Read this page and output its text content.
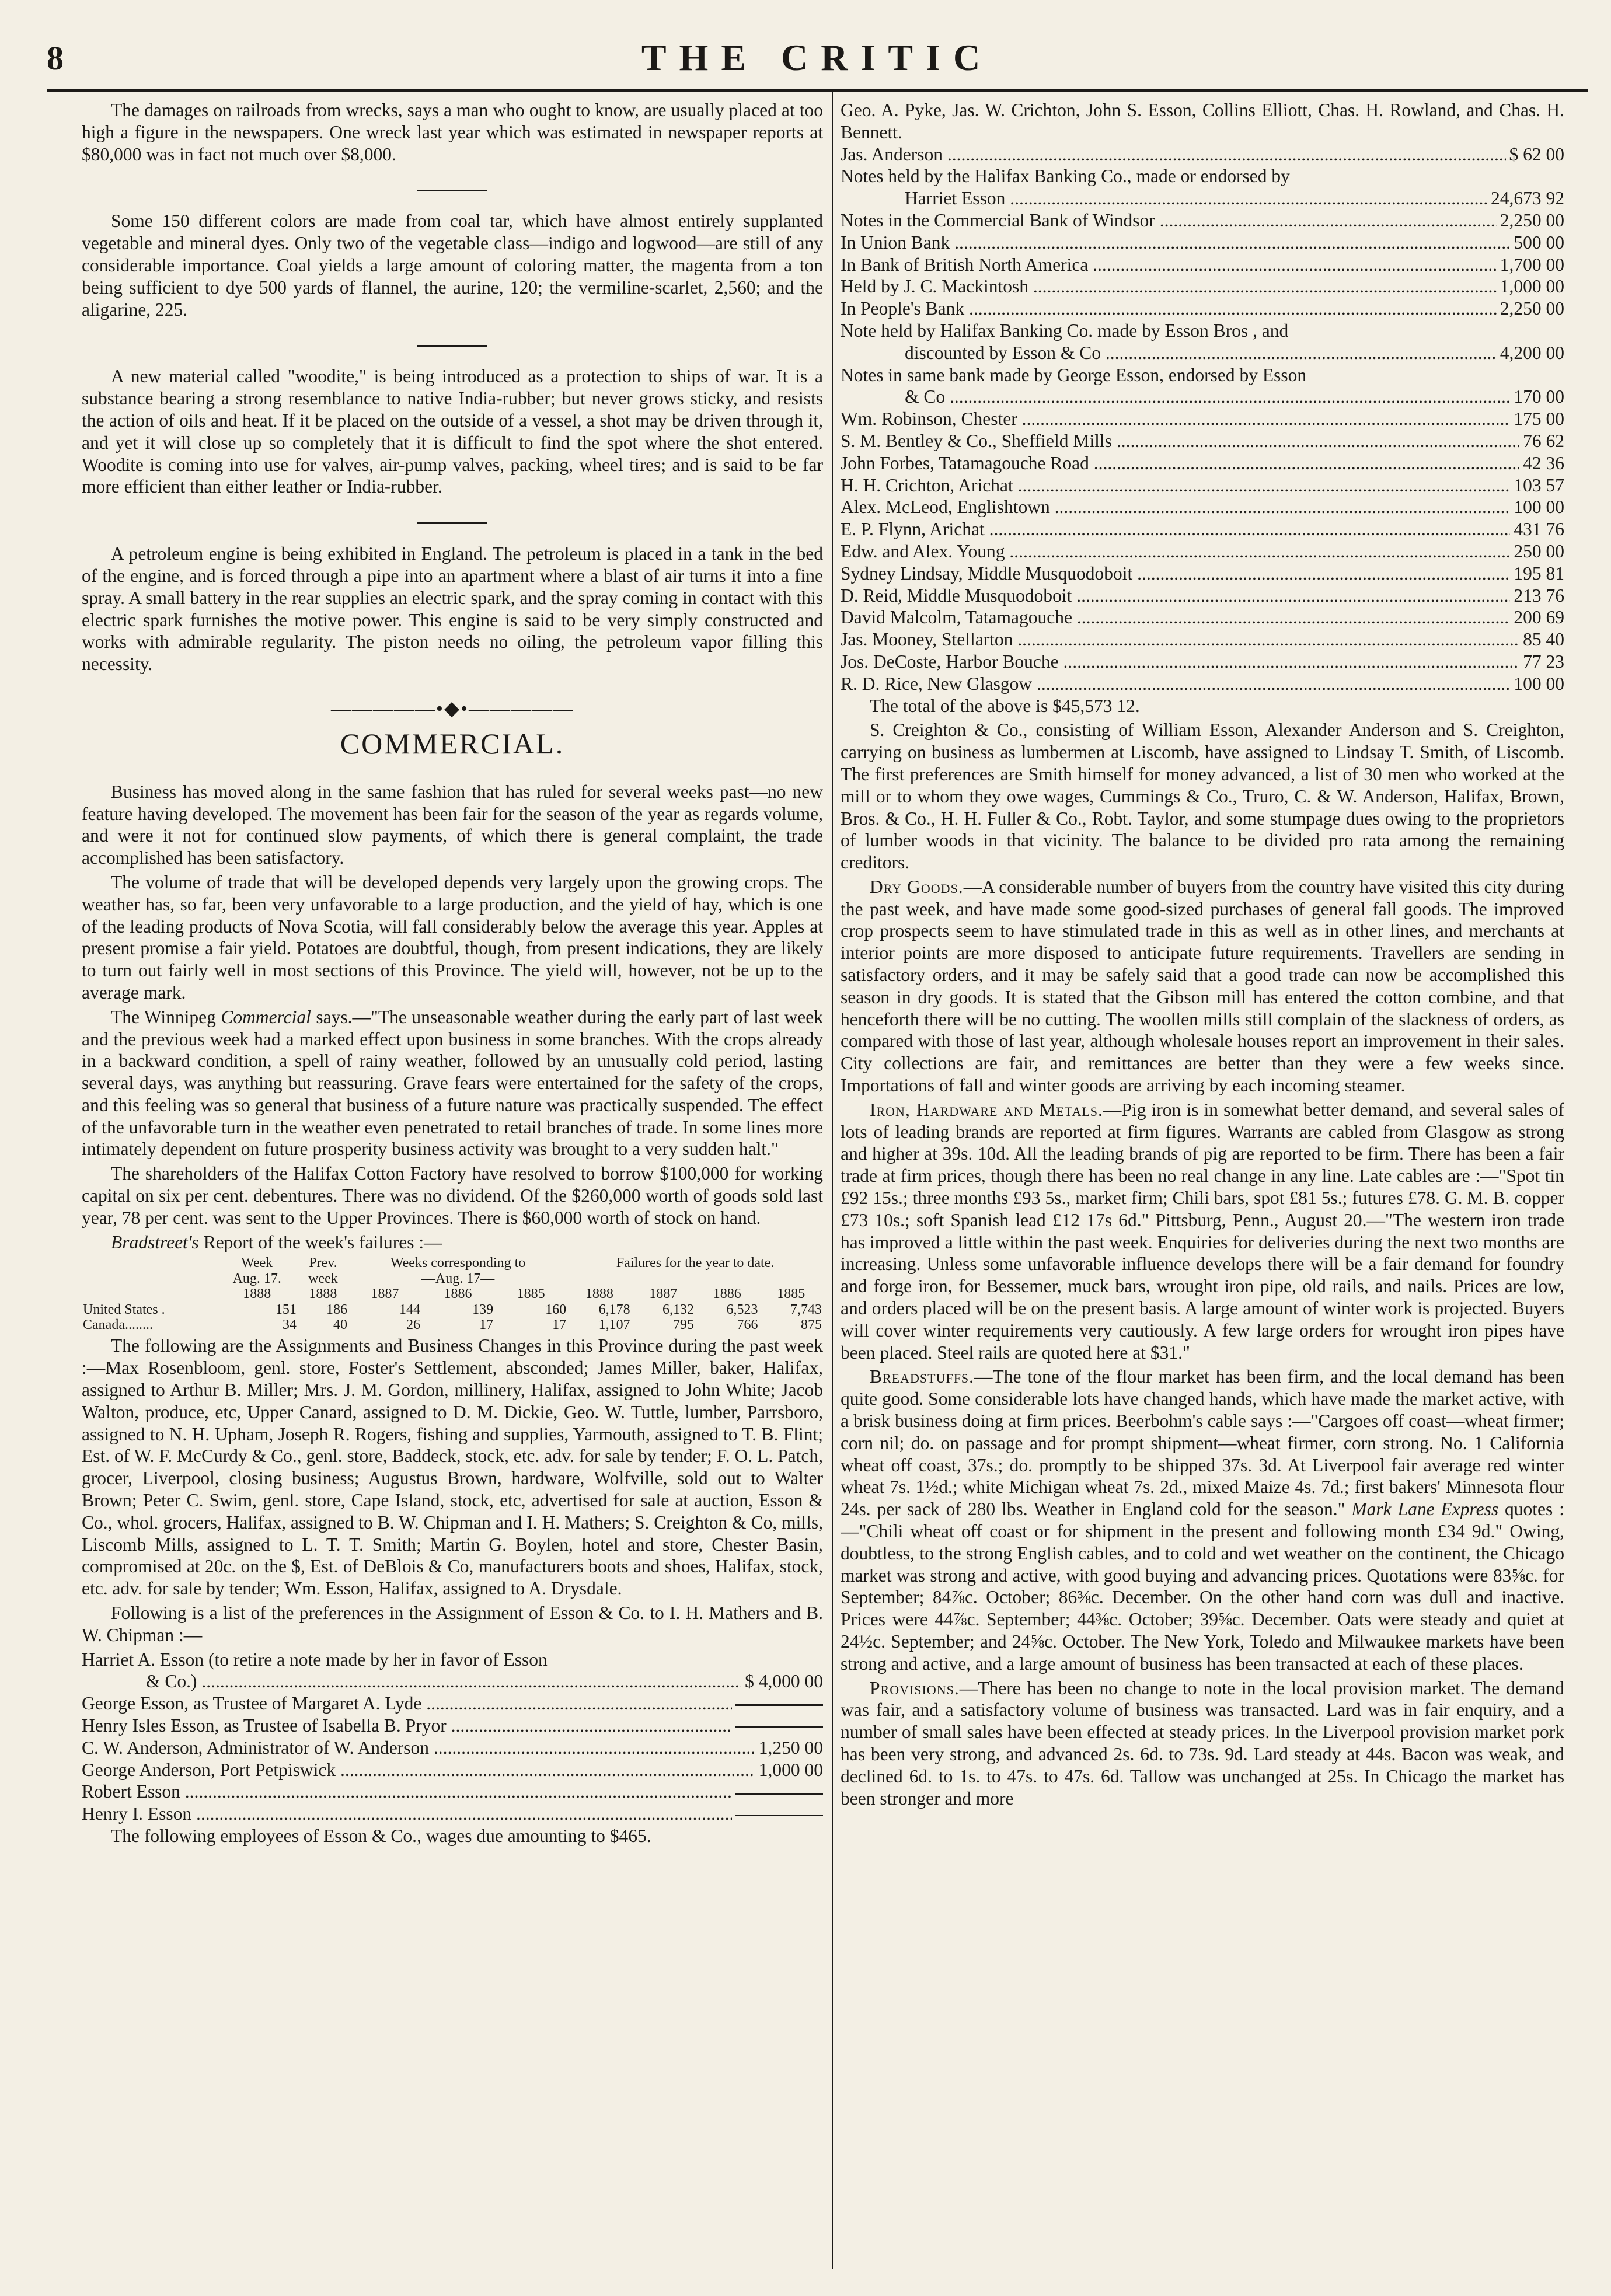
8	THE CRITIC

The damages on railroads from wrecks, says a man who ought to know, are usually placed at too high a figure in the newspapers. One wreck last year which was estimated in newspaper reports at $80,000 was in fact not much over $8,000.

Some 150 different colors are made from coal tar, which have almost entirely supplanted vegetable and mineral dyes. Only two of the vegetable class—indigo and logwood—are still of any considerable importance. Coal yields a large amount of coloring matter, the magenta from a ton being sufficient to dye 500 yards of flannel, the aurine, 120; the vermiline-scarlet, 2,560; and the aligarine, 225.

A new material called "woodite," is being introduced as a protection to ships of war. It is a substance bearing a strong resemblance to native India-rubber; but never grows sticky, and resists the action of oils and heat. If it be placed on the outside of a vessel, a shot may be driven through it, and yet it will close up so completely that it is difficult to find the spot where the shot entered. Woodite is coming into use for valves, air-pump valves, packing, wheel tires; and is said to be far more efficient than either leather or India-rubber.

A petroleum engine is being exhibited in England. The petroleum is placed in a tank in the bed of the engine, and is forced through a pipe into an apartment where a blast of air turns it into a fine spray. A small battery in the rear supplies an electric spark, and the spray coming in contact with this electric spark furnishes the motive power. This engine is said to be very simply constructed and works with admirable regularity. The piston needs no oiling, the petroleum vapor filling this necessity.

—————•◆•—————
COMMERCIAL.

Business has moved along in the same fashion that has ruled for several weeks past—no new feature having developed. The movement has been fair for the season of the year as regards volume, and were it not for continued slow payments, of which there is general complaint, the trade accomplished has been satisfactory.

The volume of trade that will be developed depends very largely upon the growing crops. The weather has, so far, been very unfavorable to a large production, and the yield of hay, which is one of the leading products of Nova Scotia, will fall considerably below the average this year. Apples at present promise a fair yield. Potatoes are doubtful, though, from present indications, they are likely to turn out fairly well in most sections of this Province. The yield will, however, not be up to the average mark.

The Winnipeg Commercial says.—"The unseasonable weather during the early part of last week and the previous week had a marked effect upon business in some branches. With the crops already in a backward condition, a spell of rainy weather, followed by an unusually cold period, lasting several days, was anything but reassuring. Grave fears were entertained for the safety of the crops, and this feeling was so general that business of a future nature was practically suspended. The effect of the unfavorable turn in the weather even penetrated to retail branches of trade. In some lines more intimately dependent on future prosperity business activity was brought to a very sudden halt."

The shareholders of the Halifax Cotton Factory have resolved to borrow $100,000 for working capital on six per cent. debentures. There was no dividend. Of the $260,000 worth of goods sold last year, 78 per cent. was sent to the Upper Provinces. There is $60,000 worth of stock on hand.

Bradstreet's Report of the week's failures :—

	Week	Prev.	Weeks corresponding to			Failures for the year to date.			
	Aug. 17.	week	—Aug. 17—						
	1888	1888	1887	1886	1885	1888	1887	1886	1885
United States .	151	186	144	139	160	6,178	6,132	6,523	7,743
Canada........	34	40	26	17	17	1,107	795	766	875

The following are the Assignments and Business Changes in this Province during the past week :—Max Rosenbloom, genl. store, Foster's Settlement, absconded; James Miller, baker, Halifax, assigned to Arthur B. Miller; Mrs. J. M. Gordon, millinery, Halifax, assigned to John White; Jacob Walton, produce, etc, Upper Canard, assigned to D. M. Dickie, Geo. W. Tuttle, lumber, Parrsboro, assigned to N. H. Upham, Joseph R. Rogers, fishing and supplies, Yarmouth, assigned to T. B. Flint; Est. of W. F. McCurdy & Co., genl. store, Baddeck, stock, etc. adv. for sale by tender; F. O. L. Patch, grocer, Liverpool, closing business; Augustus Brown, hardware, Wolfville, sold out to Walter Brown; Peter C. Swim, genl. store, Cape Island, stock, etc, advertised for sale at auction, Esson & Co., whol. grocers, Halifax, assigned to B. W. Chipman and I. H. Mathers; S. Creighton & Co, mills, Liscomb Mills, assigned to L. T. T. Smith; Martin G. Boylen, hotel and store, Chester Basin, compromised at 20c. on the $, Est. of DeBlois & Co, manufacturers boots and shoes, Halifax, stock, etc. adv. for sale by tender; Wm. Esson, Halifax, assigned to A. Drysdale.

Following is a list of the preferences in the Assignment of Esson & Co. to I. H. Mathers and B. W. Chipman :—

Harriet A. Esson (to retire a note made by her in favor of Esson
& Co.) .....	$ 4,000 00
George Esson, as Trustee of Margaret A. Lyde .....
Henry Isles Esson, as Trustee of Isabella B. Pryor .....
C. W. Anderson, Administrator of W. Anderson .....	1,250 00
George Anderson, Port Petpiswick .....	1,000 00
Robert Esson .....
Henry I. Esson .....

The following employees of Esson & Co., wages due amounting to $465.

Geo. A. Pyke, Jas. W. Crichton, John S. Esson, Collins Elliott, Chas. H. Rowland, and Chas. H. Bennett.
Jas. Anderson .....	$ 62 00
Notes held by the Halifax Banking Co., made or endorsed by
Harriet Esson .....	24,673 92
Notes in the Commercial Bank of Windsor .....	2,250 00
In Union Bank .....	500 00
In Bank of British North America .....	1,700 00
Held by J. C. Mackintosh .....	1,000 00
In People's Bank .....	2,250 00
Note held by Halifax Banking Co. made by Esson Bros , and
discounted by Esson & Co .....	4,200 00
Notes in same bank made by George Esson, endorsed by Esson
& Co .....	170 00
Wm. Robinson, Chester .....	175 00
S. M. Bentley & Co., Sheffield Mills .....	76 62
John Forbes, Tatamagouche Road .....	42 36
H. H. Crichton, Arichat .....	103 57
Alex. McLeod, Englishtown .....	100 00
E. P. Flynn, Arichat .....	431 76
Edw. and Alex. Young .....	250 00
Sydney Lindsay, Middle Musquodoboit .....	195 81
D. Reid, Middle Musquodoboit .....	213 76
David Malcolm, Tatamagouche .....	200 69
Jas. Mooney, Stellarton .....	85 40
Jos. DeCoste, Harbor Bouche .....	77 23
R. D. Rice, New Glasgow .....	100 00

The total of the above is $45,573 12.

S. Creighton & Co., consisting of William Esson, Alexander Anderson and S. Creighton, carrying on business as lumbermen at Liscomb, have assigned to Lindsay T. Smith, of Liscomb. The first preferences are Smith himself for money advanced, a list of 30 men who worked at the mill or to whom they owe wages, Cummings & Co., Truro, C. & W. Anderson, Halifax, Brown, Bros. & Co., H. H. Fuller & Co., Robt. Taylor, and some stumpage dues owing to the proprietors of lumber woods in that vicinity. The balance to be divided pro rata among the remaining creditors.

Dry Goods.—A considerable number of buyers from the country have visited this city during the past week, and have made some good-sized purchases of general fall goods. The improved crop prospects seem to have stimulated trade in this as well as in other lines, and merchants at interior points are more disposed to anticipate future requirements. Travellers are sending in satisfactory orders, and it may be safely said that a good trade can now be accomplished this season in dry goods. It is stated that the Gibson mill has entered the cotton combine, and that henceforth there will be no cutting. The woollen mills still complain of the slackness of orders, as compared with those of last year, although wholesale houses report an improvement in their sales. City collections are fair, and remittances are better than they were a few weeks since. Importations of fall and winter goods are arriving by each incoming steamer.

Iron, Hardware and Metals.—Pig iron is in somewhat better demand, and several sales of lots of leading brands are reported at firm figures. Warrants are cabled from Glasgow as strong and higher at 39s. 10d. All the leading brands of pig are reported to be firm. There has been a fair trade at firm prices, though there has been no real change in any line. Late cables are :—"Spot tin £92 15s.; three months £93 5s., market firm; Chili bars, spot £81 5s.; futures £78. G. M. B. copper £73 10s.; soft Spanish lead £12 17s 6d." Pittsburg, Penn., August 20.—"The western iron trade has improved a little within the past week. Enquiries for deliveries during the next two months are increasing. Unless some unfavorable influence develops there will be a fair demand for foundry and forge iron, for Bessemer, muck bars, wrought iron pipe, old rails, and nails. Prices are low, and orders placed will be on the present basis. A large amount of winter work is projected. Buyers will cover winter requirements very cautiously. A few large orders for wrought iron pipes have been placed. Steel rails are quoted here at $31."

Breadstuffs.—The tone of the flour market has been firm, and the local demand has been quite good. Some considerable lots have changed hands, which have made the market active, with a brisk business doing at firm prices. Beerbohm's cable says :—"Cargoes off coast—wheat firmer; corn nil; do. on passage and for prompt shipment—wheat firmer, corn strong. No. 1 California wheat off coast, 37s.; do. promptly to be shipped 37s. 3d. At Liverpool fair average red winter wheat 7s. 1½d.; white Michigan wheat 7s. 2d., mixed Maize 4s. 7d.; first bakers' Minnesota flour 24s. per sack of 280 lbs. Weather in England cold for the season." Mark Lane Express quotes :—"Chili wheat off coast or for shipment in the present and following month £34 9d." Owing, doubtless, to the strong English cables, and to cold and wet weather on the continent, the Chicago market was strong and active, with good buying and advancing prices. Quotations were 83⅝c. for September; 84⅞c. October; 86⅜c. December. On the other hand corn was dull and inactive. Prices were 44⅞c. September; 44⅜c. October; 39⅝c. December. Oats were steady and quiet at 24½c. September; and 24⅝c. October. The New York, Toledo and Milwaukee markets have been strong and active, and a large amount of business has been transacted at each of these places.

Provisions.—There has been no change to note in the local provision market. The demand was fair, and a satisfactory volume of business was transacted. Lard was in fair enquiry, and a number of small sales have been effected at steady prices. In the Liverpool provision market pork has been very strong, and advanced 2s. 6d. to 73s. 9d. Lard steady at 44s. Bacon was weak, and declined 6d. to 1s. to 47s. to 47s. 6d. Tallow was unchanged at 25s. In Chicago the market has been stronger and more
